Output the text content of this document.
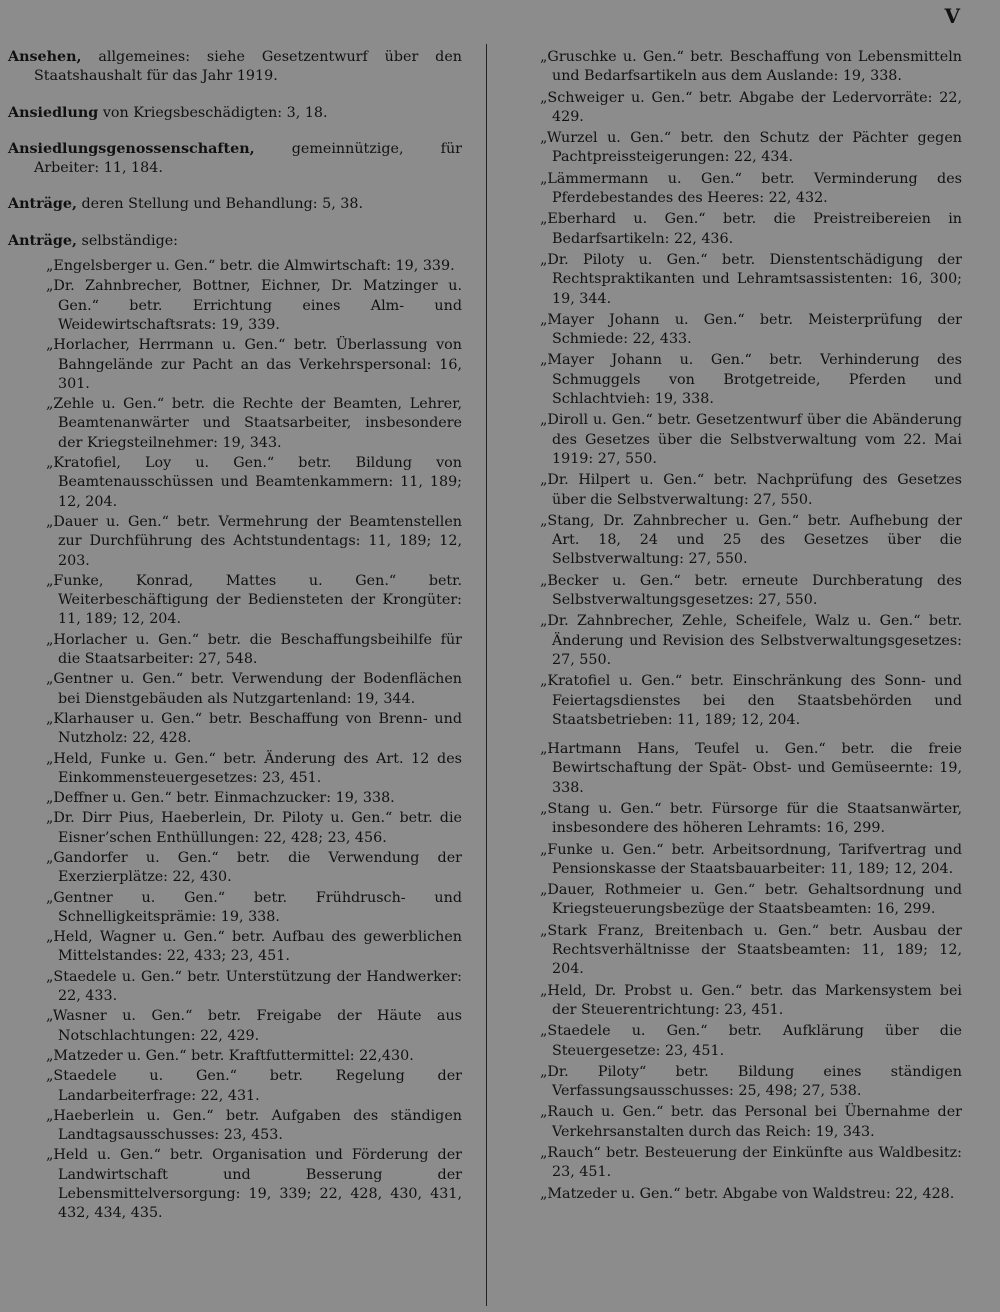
V

Ansehen, allgemeines: siehe Gesetzentwurf über den Staatshaushalt für das Jahr 1919.

Ansiedlung von Kriegsbeschädigten: 3, 18.

Ansiedlungsgenossenschaften, gemeinnützige, für Arbeiter: 11, 184.

Anträge, deren Stellung und Behandlung: 5, 38.

Anträge, selbständige:

„Engelsberger u. Gen.“ betr. die Almwirtschaft: 19, 339.

„Dr. Zahnbrecher, Bottner, Eichner, Dr. Matzinger u. Gen.“ betr. Errichtung eines Alm- und Weidewirtschaftsrats: 19, 339.

„Horlacher, Herrmann u. Gen.“ betr. Überlassung von Bahngelände zur Pacht an das Verkehrspersonal: 16, 301.

„Zehle u. Gen.“ betr. die Rechte der Beamten, Lehrer, Beamtenanwärter und Staatsarbeiter, insbesondere der Kriegsteilnehmer: 19, 343.

„Kratofiel, Loy u. Gen.“ betr. Bildung von Beamtenausschüssen und Beamtenkammern: 11, 189; 12, 204.

„Dauer u. Gen.“ betr. Vermehrung der Beamtenstellen zur Durchführung des Achtstundentags: 11, 189; 12, 203.

„Funke, Konrad, Mattes u. Gen.“ betr. Weiterbeschäftigung der Bediensteten der Krongüter: 11, 189; 12, 204.

„Horlacher u. Gen.“ betr. die Beschaffungsbeihilfe für die Staatsarbeiter: 27, 548.

„Gentner u. Gen.“ betr. Verwendung der Bodenflächen bei Dienstgebäuden als Nutzgartenland: 19, 344.

„Klarhauser u. Gen.“ betr. Beschaffung von Brenn- und Nutzholz: 22, 428.

„Held, Funke u. Gen.“ betr. Änderung des Art. 12 des Einkommensteuergesetzes: 23, 451.

„Deffner u. Gen.“ betr. Einmachzucker: 19, 338.

„Dr. Dirr Pius, Haeberlein, Dr. Piloty u. Gen.“ betr. die Eisner’schen Enthüllungen: 22, 428; 23, 456.

„Gandorfer u. Gen.“ betr. die Verwendung der Exerzierplätze: 22, 430.

„Gentner u. Gen.“ betr. Frühdrusch- und Schnelligkeitsprämie: 19, 338.

„Held, Wagner u. Gen.“ betr. Aufbau des gewerblichen Mittelstandes: 22, 433; 23, 451.

„Staedele u. Gen.“ betr. Unterstützung der Handwerker: 22, 433.

„Wasner u. Gen.“ betr. Freigabe der Häute aus Notschlachtungen: 22, 429.

„Matzeder u. Gen.“ betr. Kraftfuttermittel: 22,430.

„Staedele u. Gen.“ betr. Regelung der Landarbeiterfrage: 22, 431.

„Haeberlein u. Gen.“ betr. Aufgaben des ständigen Landtagsausschusses: 23, 453.

„Held u. Gen.“ betr. Organisation und Förderung der Landwirtschaft und Besserung der Lebensmittelversorgung: 19, 339; 22, 428, 430, 431, 432, 434, 435.

„Gruschke u. Gen.“ betr. Beschaffung von Lebensmitteln und Bedarfsartikeln aus dem Auslande: 19, 338.

„Schweiger u. Gen.“ betr. Abgabe der Ledervorräte: 22, 429.

„Wurzel u. Gen.“ betr. den Schutz der Pächter gegen Pachtpreissteigerungen: 22, 434.

„Lämmermann u. Gen.“ betr. Verminderung des Pferdebestandes des Heeres: 22, 432.

„Eberhard u. Gen.“ betr. die Preistreibereien in Bedarfsartikeln: 22, 436.

„Dr. Piloty u. Gen.“ betr. Dienstentschädigung der Rechtspraktikanten und Lehramtsassistenten: 16, 300; 19, 344.

„Mayer Johann u. Gen.“ betr. Meisterprüfung der Schmiede: 22, 433.

„Mayer Johann u. Gen.“ betr. Verhinderung des Schmuggels von Brotgetreide, Pferden und Schlachtvieh: 19, 338.

„Diroll u. Gen.“ betr. Gesetzentwurf über die Abänderung des Gesetzes über die Selbstverwaltung vom 22. Mai 1919: 27, 550.

„Dr. Hilpert u. Gen.“ betr. Nachprüfung des Gesetzes über die Selbstverwaltung: 27, 550.

„Stang, Dr. Zahnbrecher u. Gen.“ betr. Aufhebung der Art. 18, 24 und 25 des Gesetzes über die Selbstverwaltung: 27, 550.

„Becker u. Gen.“ betr. erneute Durchberatung des Selbstverwaltungsgesetzes: 27, 550.

„Dr. Zahnbrecher, Zehle, Scheifele, Walz u. Gen.“ betr. Änderung und Revision des Selbstverwaltungsgesetzes: 27, 550.

„Kratofiel u. Gen.“ betr. Einschränkung des Sonn- und Feiertagsdienstes bei den Staatsbehörden und Staatsbetrieben: 11, 189; 12, 204.

„Hartmann Hans, Teufel u. Gen.“ betr. die freie Bewirtschaftung der Spät- Obst- und Gemüseernte: 19, 338.

„Stang u. Gen.“ betr. Fürsorge für die Staatsanwärter, insbesondere des höheren Lehramts: 16, 299.

„Funke u. Gen.“ betr. Arbeitsordnung, Tarifvertrag und Pensionskasse der Staatsbauarbeiter: 11, 189; 12, 204.

„Dauer, Rothmeier u. Gen.“ betr. Gehaltsordnung und Kriegsteuerungsbezüge der Staatsbeamten: 16, 299.

„Stark Franz, Breitenbach u. Gen.“ betr. Ausbau der Rechtsverhältnisse der Staatsbeamten: 11, 189; 12, 204.

„Held, Dr. Probst u. Gen.“ betr. das Markensystem bei der Steuerentrichtung: 23, 451.

„Staedele u. Gen.“ betr. Aufklärung über die Steuergesetze: 23, 451.

„Dr. Piloty“ betr. Bildung eines ständigen Verfassungsausschusses: 25, 498; 27, 538.

„Rauch u. Gen.“ betr. das Personal bei Übernahme der Verkehrsanstalten durch das Reich: 19, 343.

„Rauch“ betr. Besteuerung der Einkünfte aus Waldbesitz: 23, 451.

„Matzeder u. Gen.“ betr. Abgabe von Waldstreu: 22, 428.
